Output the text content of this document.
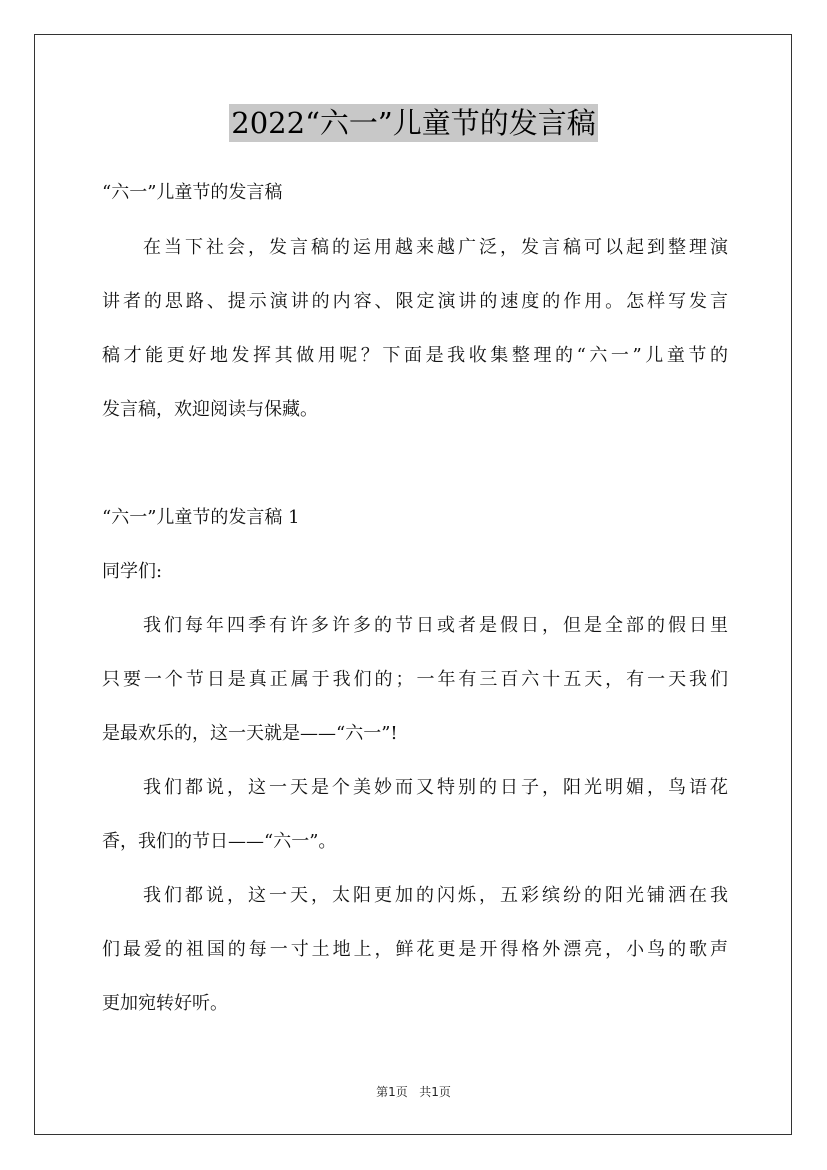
2022“六一”儿童节的发言稿
“六一”儿童节的发言稿
在当下社会，发言稿的运用越来越广泛，发言稿可以起到整理演
讲者的思路、提示演讲的内容、限定演讲的速度的作用。怎样写发言
稿才能更好地发挥其做用呢？下面是我收集整理的“六一”儿童节的
发言稿，欢迎阅读与保藏。
“六一”儿童节的发言稿 1
同学们:
我们每年四季有许多许多的节日或者是假日，但是全部的假日里
只要一个节日是真正属于我们的；一年有三百六十五天，有一天我们
是最欢乐的，这一天就是——“六一”!
我们都说，这一天是个美妙而又特别的日子，阳光明媚，鸟语花
香，我们的节日——“六一”。
我们都说，这一天，太阳更加的闪烁，五彩缤纷的阳光铺洒在我
们最爱的祖国的每一寸土地上，鲜花更是开得格外漂亮，小鸟的歌声
更加宛转好听。
第1页 共1页
